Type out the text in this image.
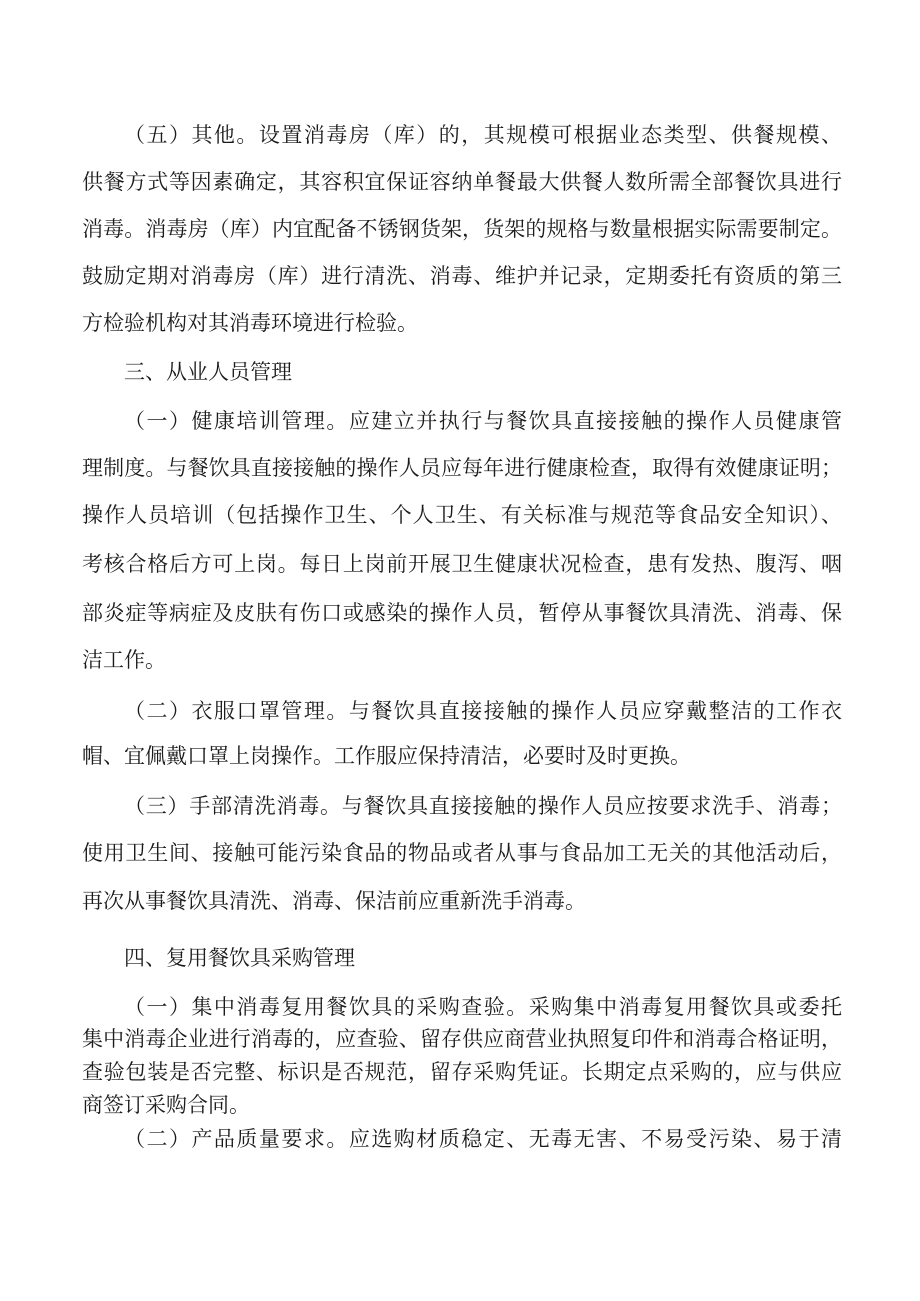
（五）其他。设置消毒房（库）的，其规模可根据业态类型、供餐规模、
供餐方式等因素确定，其容积宜保证容纳单餐最大供餐人数所需全部餐饮具进行
消毒。消毒房（库）内宜配备不锈钢货架，货架的规格与数量根据实际需要制定。
鼓励定期对消毒房（库）进行清洗、消毒、维护并记录，定期委托有资质的第三
方检验机构对其消毒环境进行检验。
三、从业人员管理
（一）健康培训管理。应建立并执行与餐饮具直接接触的操作人员健康管
理制度。与餐饮具直接接触的操作人员应每年进行健康检查，取得有效健康证明；
操作人员培训（包括操作卫生、个人卫生、有关标准与规范等食品安全知识）、
考核合格后方可上岗。每日上岗前开展卫生健康状况检查，患有发热、腹泻、咽
部炎症等病症及皮肤有伤口或感染的操作人员，暂停从事餐饮具清洗、消毒、保
洁工作。
（二）衣服口罩管理。与餐饮具直接接触的操作人员应穿戴整洁的工作衣
帽、宜佩戴口罩上岗操作。工作服应保持清洁，必要时及时更换。
（三）手部清洗消毒。与餐饮具直接接触的操作人员应按要求洗手、消毒；
使用卫生间、接触可能污染食品的物品或者从事与食品加工无关的其他活动后，
再次从事餐饮具清洗、消毒、保洁前应重新洗手消毒。
四、复用餐饮具采购管理
（一）集中消毒复用餐饮具的采购查验。采购集中消毒复用餐饮具或委托
集中消毒企业进行消毒的，应查验、留存供应商营业执照复印件和消毒合格证明，
查验包装是否完整、标识是否规范，留存采购凭证。长期定点采购的，应与供应
商签订采购合同。
（二）产品质量要求。应选购材质稳定、无毒无害、不易受污染、易于清
